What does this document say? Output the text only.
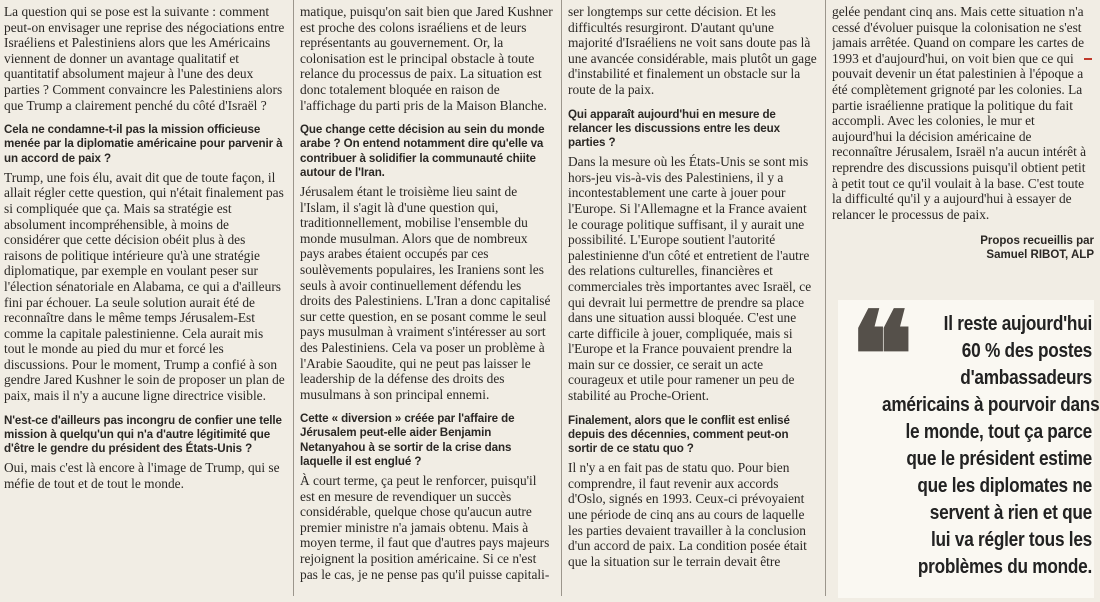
La question qui se pose est la suivante : comment peut-on envisager une reprise des négociations entre Israéliens et Palestiniens alors que les Américains viennent de donner un avantage qualitatif et quantitatif absolument majeur à l'une des deux parties ? Comment convaincre les Palestiniens alors que Trump a clairement penché du côté d'Israël ?

Cela ne condamne-t-il pas la mission officieuse menée par la diplomatie américaine pour parvenir à un accord de paix ?

Trump, une fois élu, avait dit que de toute façon, il allait régler cette question, qui n'était finalement pas si compliquée que ça. Mais sa stratégie est absolument incompréhensible, à moins de considérer que cette décision obéit plus à des raisons de politique intérieure qu'à une stratégie diplomatique, par exemple en voulant peser sur l'élection sénatoriale en Alabama, ce qui a d'ailleurs fini par échouer. La seule solution aurait été de reconnaître dans le même temps Jérusalem-Est comme la capitale palestinienne. Cela aurait mis tout le monde au pied du mur et forcé les discussions. Pour le moment, Trump a confié à son gendre Jared Kushner le soin de proposer un plan de paix, mais il n'y a aucune ligne directrice visible.

N'est-ce d'ailleurs pas incongru de confier une telle mission à quelqu'un qui n'a d'autre légitimité que d'être le gendre du président des États-Unis ?

Oui, mais c'est là encore à l'image de Trump, qui se méfie de tout et de tout le monde.

matique, puisqu'on sait bien que Jared Kushner est proche des colons israéliens et de leurs représentants au gouvernement. Or, la colonisation est le principal obstacle à toute relance du processus de paix. La situation est donc totalement bloquée en raison de l'affichage du parti pris de la Maison Blanche.

Que change cette décision au sein du monde arabe ? On entend notamment dire qu'elle va contribuer à solidifier la communauté chiite autour de l'Iran.

Jérusalem étant le troisième lieu saint de l'Islam, il s'agit là d'une question qui, traditionnellement, mobilise l'ensemble du monde musulman. Alors que de nombreux pays arabes étaient occupés par ces soulèvements populaires, les Iraniens sont les seuls à avoir continuellement défendu les droits des Palestiniens. L'Iran a donc capitalisé sur cette question, en se posant comme le seul pays musulman à vraiment s'intéresser au sort des Palestiniens. Cela va poser un problème à l'Arabie Saoudite, qui ne peut pas laisser le leadership de la défense des droits des musulmans à son principal ennemi.

Cette « diversion » créée par l'affaire de Jérusalem peut-elle aider Benjamin Netanyahou à se sortir de la crise dans laquelle il est englué ?

À court terme, ça peut le renforcer, puisqu'il est en mesure de revendiquer un succès considérable, quelque chose qu'aucun autre premier ministre n'a jamais obtenu. Mais à moyen terme, il faut que d'autres pays majeurs rejoignent la position américaine. Si ce n'est pas le cas, je ne pense pas qu'il puisse capitali-

ser longtemps sur cette décision. Et les difficultés resurgiront. D'autant qu'une majorité d'Israéliens ne voit sans doute pas là une avancée considérable, mais plutôt un gage d'instabilité et finalement un obstacle sur la route de la paix.

Qui apparaît aujourd'hui en mesure de relancer les discussions entre les deux parties ?

Dans la mesure où les États-Unis se sont mis hors-jeu vis-à-vis des Palestiniens, il y a incontestablement une carte à jouer pour l'Europe. Si l'Allemagne et la France avaient le courage politique suffisant, il y aurait une possibilité. L'Europe soutient l'autorité palestinienne d'un côté et entretient de l'autre des relations culturelles, financières et commerciales très importantes avec Israël, ce qui devrait lui permettre de prendre sa place dans une situation aussi bloquée. C'est une carte difficile à jouer, compliquée, mais si l'Europe et la France pouvaient prendre la main sur ce dossier, ce serait un acte courageux et utile pour ramener un peu de stabilité au Proche-Orient.

Finalement, alors que le conflit est enlisé depuis des décennies, comment peut-on sortir de ce statu quo ?

Il n'y a en fait pas de statu quo. Pour bien comprendre, il faut revenir aux accords d'Oslo, signés en 1993. Ceux-ci prévoyaient une période de cinq ans au cours de laquelle les parties devaient travailler à la conclusion d'un accord de paix. La condition posée était que la situation sur le terrain devait être

gelée pendant cinq ans. Mais cette situation n'a cessé d'évoluer puisque la colonisation ne s'est jamais arrêtée. Quand on compare les cartes de 1993 et d'aujourd'hui, on voit bien que ce qui pouvait devenir un état palestinien à l'époque a été complètement grignoté par les colonies. La partie israélienne pratique la politique du fait accompli. Avec les colonies, le mur et aujourd'hui la décision américaine de reconnaître Jérusalem, Israël n'a aucun intérêt à reprendre des discussions puisqu'il obtient petit à petit tout ce qu'il voulait à la base. C'est toute la difficulté qu'il y a aujourd'hui à essayer de relancer le processus de paix.

Propos recueillis par
Samuel RIBOT, ALP

❝	Il reste aujourd'hui
60 % des postes
d'ambassadeurs
américains à pourvoir dans
le monde, tout ça parce
que le président estime
que les diplomates ne
servent à rien et que
lui va régler tous les
problèmes du monde.
